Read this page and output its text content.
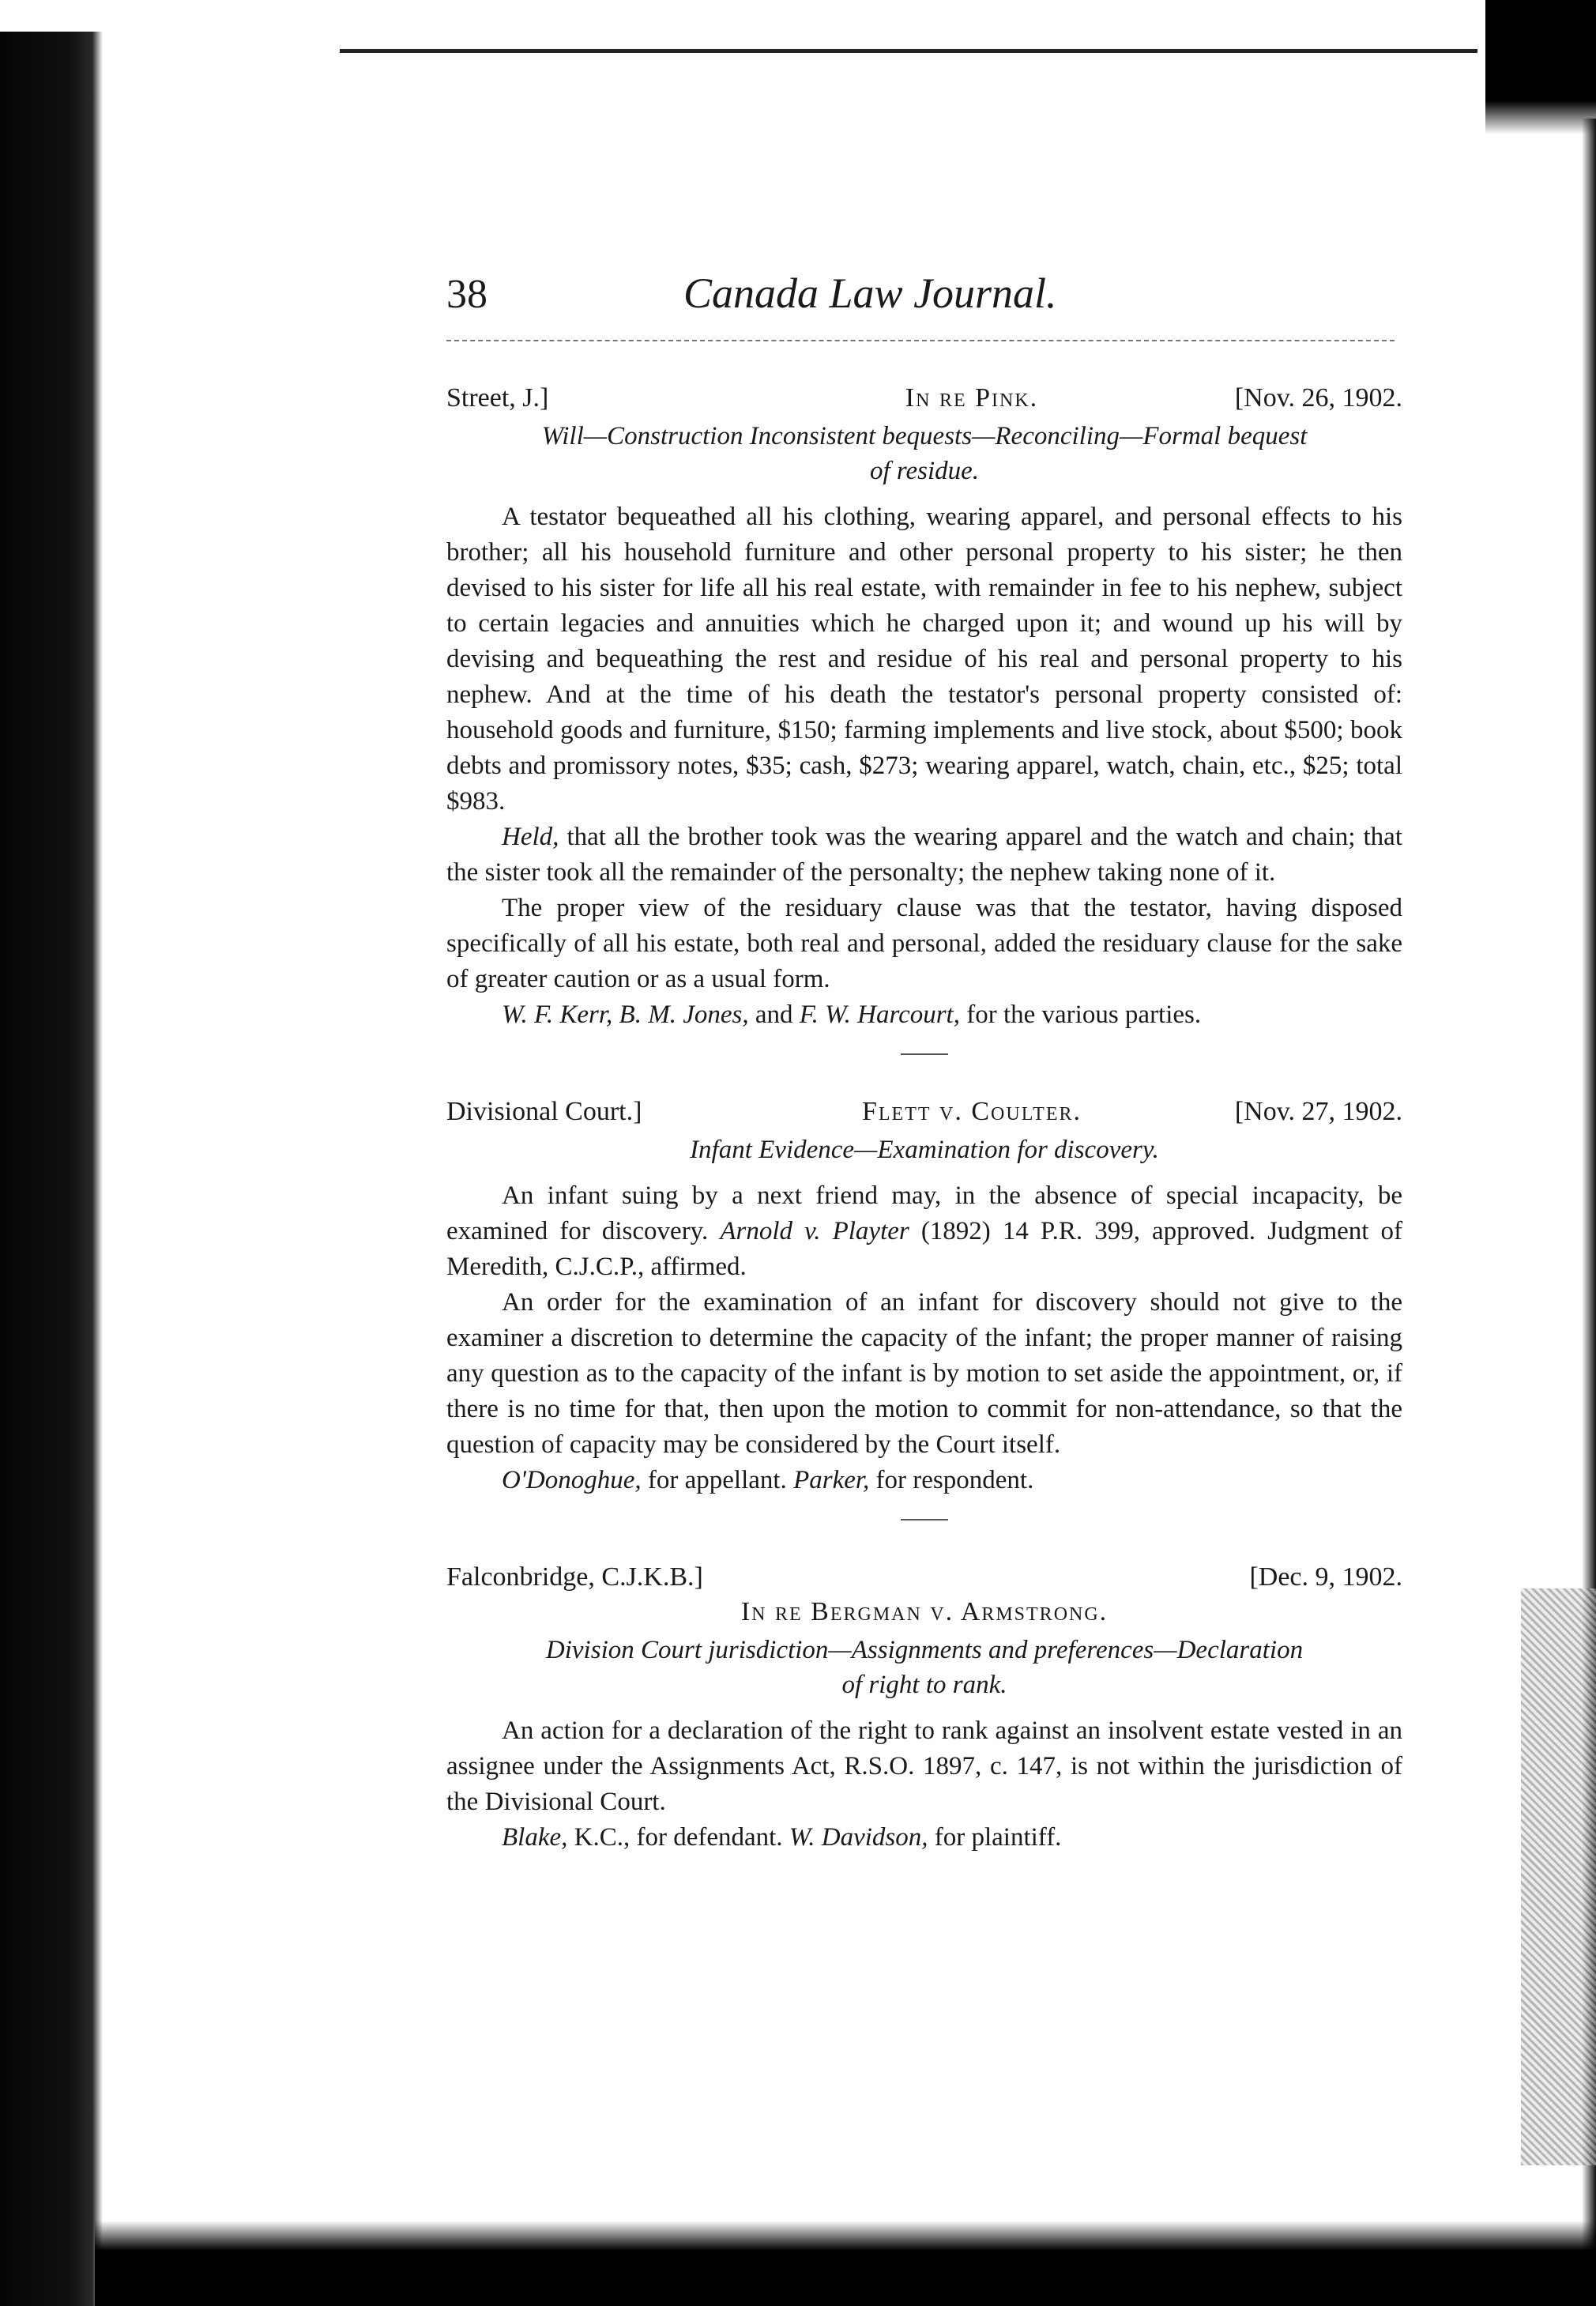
38	Canada Law Journal.
Street, J.]	In re Pink.	[Nov. 26, 1902.
Will—Construction Inconsistent bequests—Reconciling—Formal bequest
of residue.

A testator bequeathed all his clothing, wearing apparel, and personal effects to his brother; all his household furniture and other personal property to his sister; he then devised to his sister for life all his real estate, with remainder in fee to his nephew, subject to certain legacies and annuities which he charged upon it; and wound up his will by devising and bequeathing the rest and residue of his real and personal property to his nephew. And at the time of his death the testator's personal property consisted of: household goods and furniture, $150; farming implements and live stock, about $500; book debts and promissory notes, $35; cash, $273; wearing apparel, watch, chain, etc., $25; total $983.

Held, that all the brother took was the wearing apparel and the watch and chain; that the sister took all the remainder of the personalty; the nephew taking none of it.

The proper view of the residuary clause was that the testator, having disposed specifically of all his estate, both real and personal, added the residuary clause for the sake of greater caution or as a usual form.

W. F. Kerr, B. M. Jones, and F. W. Harcourt, for the various parties.

Divisional Court.]	Flett v. Coulter.	[Nov. 27, 1902.
Infant Evidence—Examination for discovery.

An infant suing by a next friend may, in the absence of special incapacity, be examined for discovery. Arnold v. Playter (1892) 14 P.R. 399, approved. Judgment of Meredith, C.J.C.P., affirmed.

An order for the examination of an infant for discovery should not give to the examiner a discretion to determine the capacity of the infant; the proper manner of raising any question as to the capacity of the infant is by motion to set aside the appointment, or, if there is no time for that, then upon the motion to commit for non-attendance, so that the question of capacity may be considered by the Court itself.

O'Donoghue, for appellant. Parker, for respondent.

Falconbridge, C.J.K.B.]	[Dec. 9, 1902.
In re Bergman v. Armstrong.
Division Court jurisdiction—Assignments and preferences—Declaration
of right to rank.

An action for a declaration of the right to rank against an insolvent estate vested in an assignee under the Assignments Act, R.S.O. 1897, c. 147, is not within the jurisdiction of the Divisional Court.

Blake, K.C., for defendant. W. Davidson, for plaintiff.
